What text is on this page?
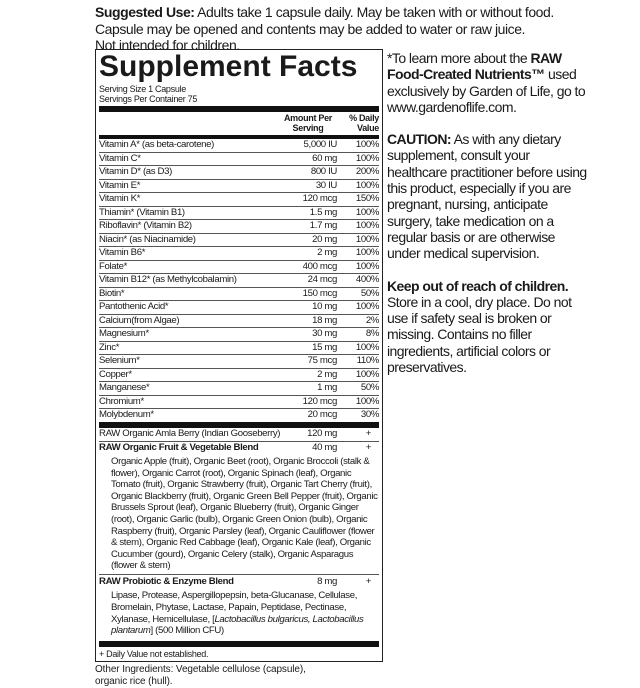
Suggested Use: Adults take 1 capsule daily. May be taken with or without food.
Capsule may be opened and contents may be added to water or raw juice.
Not intended for children.
Supplement Facts
Serving Size 1 Capsule
Servings Per Container 75
Amount Per
Serving
% Daily
Value
Vitamin A* (as beta-carotene)	5,000 IU	100%
Vitamin C*	60 mg	100%
Vitamin D* (as D3)	800 IU	200%
Vitamin E*	30 IU	100%
Vitamin K*	120 mcg	150%
Thiamin* (Vitamin B1)	1.5 mg	100%
Riboflavin* (Vitamin B2)	1.7 mg	100%
Niacin* (as Niacinamide)	20 mg	100%
Vitamin B6*	2 mg	100%
Folate*	400 mcg	100%
Vitamin B12* (as Methylcobalamin)	24 mcg	400%
Biotin*	150 mcg	50%
Pantothenic Acid*	10 mg	100%
Calcium(from Algae)	18 mg	2%
Magnesium*	30 mg	8%
Zinc*	15 mg	100%
Selenium*	75 mcg	110%
Copper*	2 mg	100%
Manganese*	1 mg	50%
Chromium*	120 mcg	100%
Molybdenum*	20 mcg	30%
RAW Organic Amla Berry (Indian Gooseberry)	120 mg	+
RAW Organic Fruit & Vegetable Blend	40 mg	+
Organic Apple (fruit), Organic Beet (root), Organic Broccoli (stalk & flower), Organic Carrot (root), Organic Spinach (leaf), Organic Tomato (fruit), Organic Strawberry (fruit), Organic Tart Cherry (fruit), Organic Blackberry (fruit), Organic Green Bell Pepper (fruit), Organic Brussels Sprout (leaf), Organic Blueberry (fruit), Organic Ginger (root), Organic Garlic (bulb), Organic Green Onion (bulb), Organic Raspberry (fruit), Organic Parsley (leaf), Organic Cauliflower (flower & stem), Organic Red Cabbage (leaf), Organic Kale (leaf), Organic Cucumber (gourd), Organic Celery (stalk), Organic Asparagus (flower & stem)
RAW Probiotic & Enzyme Blend	8 mg	+
Lipase, Protease, Aspergillopepsin, beta-Glucanase, Cellulase, Bromelain, Phytase, Lactase, Papain, Peptidase, Pectinase, Xylanase, Hemicellulase, [Lactobacillus bulgaricus, Lactobacillus plantarum] (500 Million CFU)
+ Daily Value not established.
Other Ingredients: Vegetable cellulose (capsule),
organic rice (hull).

*To learn more about the RAW Food-Created Nutrients™ used exclusively by Garden of Life, go to www.gardenoflife.com.

CAUTION: As with any dietary supplement, consult your healthcare practitioner before using this product, especially if you are pregnant, nursing, anticipate surgery, take medication on a regular basis or are otherwise under medical supervision.

Keep out of reach of children.
Store in a cool, dry place. Do not use if safety seal is broken or missing. Contains no filler ingredients, artificial colors or preservatives.
